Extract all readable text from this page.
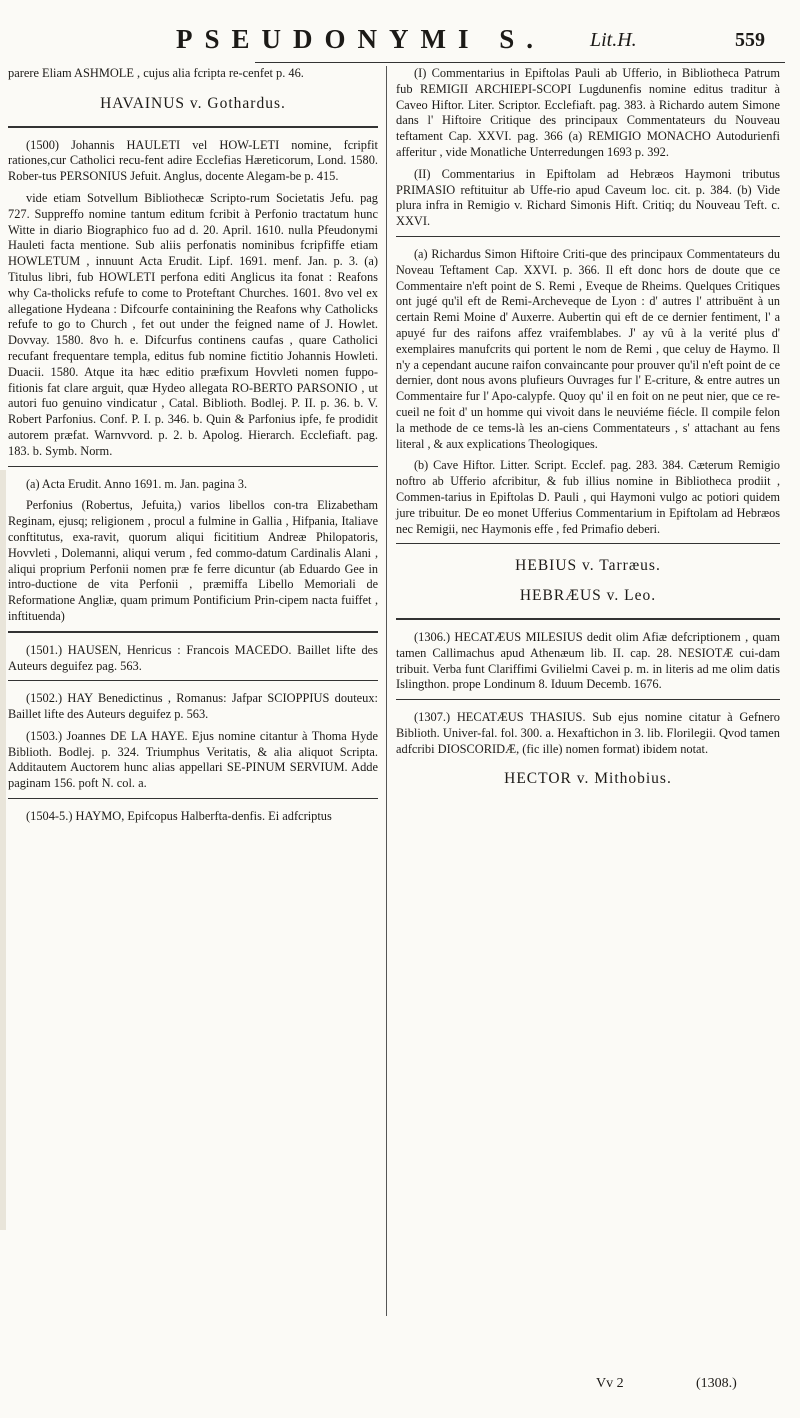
PSEUDONYMI S. Lit.H.	559

parere Eliam ASHMOLE , cujus alia fcripta re-cenfet p. 46.

HAVAINUS v. Gothardus.

(1500) Johannis HAULETI vel HOW-LETI nomine, fcripfit rationes,cur Catholici recu-fent adire Ecclefias Hæreticorum, Lond. 1580. Rober-tus PERSONIUS Jefuit. Anglus, docente Alegam-be p. 415.

vide etiam Sotvellum Bibliothecæ Scripto-rum Societatis Jefu. pag 727. Suppreffo nomine tantum editum fcribit à Perfonio tractatum hunc Witte in diario Biographico fuo ad d. 20. April. 1610. nulla Pfeudonymi Hauleti facta mentione. Sub aliis perfonatis nominibus fcripfiffe etiam HOWLETUM , innuunt Acta Erudit. Lipf. 1691. menf. Jan. p. 3. (a) Titulus libri, fub HOWLETI perfona editi Anglicus ita fonat : Reafons why Ca-tholicks refufe to come to Proteftant Churches. 1601. 8vo vel ex allegatione Hydeana : Difcourfe containining the Reafons why Catholicks refufe to go to Church , fet out under the feigned name of J. Howlet. Dovvay. 1580. 8vo h. e. Difcurfus continens caufas , quare Catholici recufant frequentare templa, editus fub nomine fictitio Johannis Howleti. Duacii. 1580. Atque ita hæc editio præfixum Hovvleti nomen fuppo-fitionis fat clare arguit, quæ Hydeo allegata RO-BERTO PARSONIO , ut autori fuo genuino vindicatur , Catal. Biblioth. Bodlej. P. II. p. 36. b. V. Robert Parfonius. Conf. P. I. p. 346. b. Quin & Parfonius ipfe, fe prodidit autorem præfat. Warnvvord. p. 2. b. Apolog. Hierarch. Ecclefiaft. pag. 183. b. Symb. Norm.

(a) Acta Erudit. Anno 1691. m. Jan. pagina 3.

Perfonius (Robertus, Jefuita,) varios libellos con-tra Elizabetham Reginam, ejusq; religionem , procul a fulmine in Gallia , Hifpania, Italiave conftitutus, exa-ravit, quorum aliqui ficititium Andreæ Philopatoris, Hovvleti , Dolemanni, aliqui verum , fed commo-datum Cardinalis Alani , aliqui proprium Perfonii nomen præ fe ferre dicuntur (ab Eduardo Gee in intro-ductione de vita Perfonii , præmiffa Libello Memoriali de Reformatione Angliæ, quam primum Pontificium Prin-cipem nacta fuiffet , inftituenda)

(1501.) HAUSEN, Henricus : Francois MACEDO. Baillet lifte des Auteurs deguifez pag. 563.

(1502.) HAY Benedictinus , Romanus: Jafpar SCIOPPIUS douteux: Baillet lifte des Auteurs deguifez p. 563.

(1503.) Joannes DE LA HAYE. Ejus nomine citantur à Thoma Hyde Biblioth. Bodlej. p. 324. Triumphus Veritatis, & alia aliquot Scripta. Additautem Auctorem hunc alias appellari SE-PINUM SERVIUM. Adde paginam 156. poft N. col. a.

(1504-5.) HAYMO, Epifcopus Halberfta-denfis. Ei adfcriptus

(I) Commentarius in Epiftolas Pauli ab Ufferio, in Bibliotheca Patrum fub REMIGII ARCHIEPI-SCOPI Lugdunenfis nomine editus traditur à Caveo Hiftor. Liter. Scriptor. Ecclefiaft. pag. 383. à Richardo autem Simone dans l' Hiftoire Critique des principaux Commentateurs du Nouveau teftament Cap. XXVI. pag. 366 (a) REMIGIO MONACHO Autodurienfi afferitur , vide Monatliche Unterredungen 1693 p. 392.

(II) Commentarius in Epiftolam ad Hebræos Haymoni tributus PRIMASIO reftituitur ab Uffe-rio apud Caveum loc. cit. p. 384. (b) Vide plura infra in Remigio v. Richard Simonis Hift. Critiq; du Nouveau Teft. c. XXVI.

(a) Richardus Simon Hiftoire Criti-que des principaux Commentateurs du Noveau Teftament Cap. XXVI. p. 366. Il eft donc hors de doute que ce Commentaire n'eft point de S. Remi , Eveque de Rheims. Quelques Critiques ont jugé qu'il eft de Remi-Archeveque de Lyon : d' autres l' attribuënt à un certain Remi Moine d' Auxerre. Aubertin qui eft de ce dernier fentiment, l' a apuyé fur des raifons affez vraifemblabes. J' ay vû à la verité plus d' exemplaires manufcrits qui portent le nom de Remi , que celuy de Haymo. Il n'y a cependant aucune raifon convaincante pour prouver qu'il n'eft point de ce dernier, dont nous avons plufieurs Ouvrages fur l' E-criture, & entre autres un Commentaire fur l' Apo-calypfe. Quoy qu' il en foit on ne peut nier, que ce re-cueil ne foit d' un homme qui vivoit dans le neuviéme fiécle. Il compile felon la methode de ce tems-là les an-ciens Commentateurs , s' attachant au fens literal , & aux explications Theologiques.

(b) Cave Hiftor. Litter. Script. Ecclef. pag. 283. 384. Cæterum Remigio noftro ab Ufferio afcribitur, & fub illius nomine in Bibliotheca prodiit , Commen-tarius in Epiftolas D. Pauli , qui Haymoni vulgo ac potiori quidem jure tribuitur. De eo monet Ufferius Commentarium in Epiftolam ad Hebræos nec Remigii, nec Haymonis effe , fed Primafio deberi.

HEBIUS v. Tarræus.
HEBRÆUS v. Leo.

(1306.) HECATÆUS MILESIUS dedit olim Afiæ defcriptionem , quam tamen Callimachus apud Athenæum lib. II. cap. 28. NESIOTÆ cui-dam tribuit. Verba funt Clariffimi Gvilielmi Cavei p. m. in literis ad me olim datis Islingthon. prope Londinum 8. Iduum Decemb. 1676.

(1307.) HECATÆUS THASIUS. Sub ejus nomine citatur à Gefnero Biblioth. Univer-fal. fol. 300. a. Hexaftichon in 3. lib. Florilegii. Qvod tamen adfcribi DIOSCORIDÆ, (fic ille) nomen format) ibidem notat.

HECTOR v. Mithobius.
Vv 2	(1308.)
